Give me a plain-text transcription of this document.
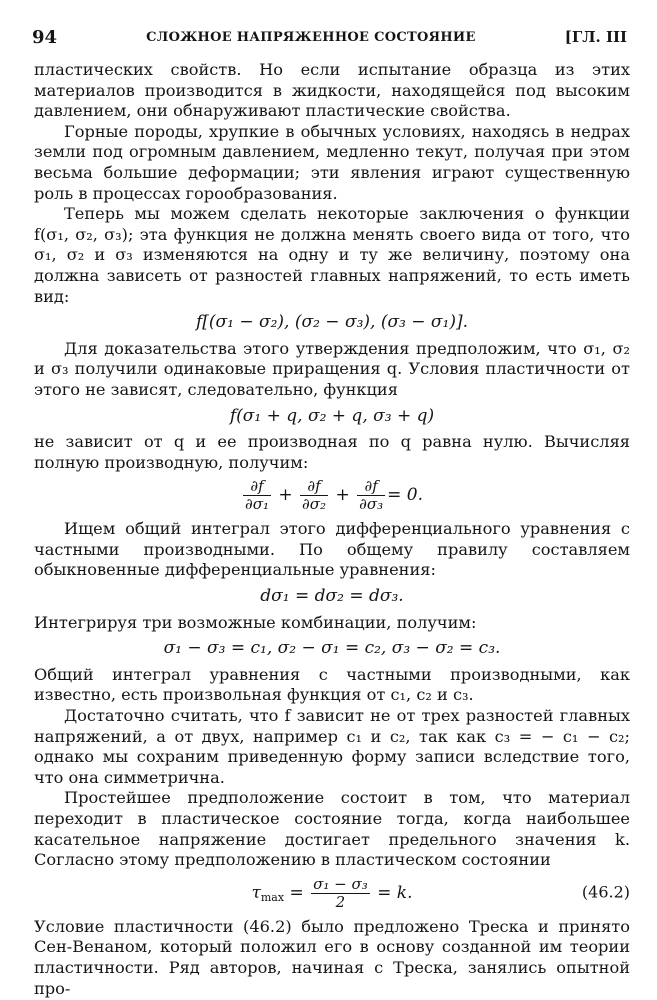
94	СЛОЖНОЕ НАПРЯЖЕННОЕ СОСТОЯНИЕ	[ГЛ. III

пластических свойств. Но если испытание образца из этих материалов производится в жидкости, находящейся под высоким давлением, они обнаруживают пластические свойства.

Горные породы, хрупкие в обычных условиях, находясь в недрах земли под огромным давлением, медленно текут, получая при этом весьма большие деформации; эти явления играют существенную роль в процессах горообразования.

Теперь мы можем сделать некоторые заключения о функции f(σ₁, σ₂, σ₃); эта функция не должна менять своего вида от того, что σ₁, σ₂ и σ₃ изменяются на одну и ту же величину, поэтому она должна зависеть от разностей главных напряжений, то есть иметь вид:

f[(σ₁ − σ₂), (σ₂ − σ₃), (σ₃ − σ₁)].

Для доказательства этого утверждения предположим, что σ₁, σ₂ и σ₃ получили одинаковые приращения q. Условия пластичности от этого не зависят, следовательно, функция

f(σ₁ + q, σ₂ + q, σ₃ + q)

не зависит от q и ее производная по q равна нулю. Вычисляя полную производную, получим:

$\frac{\partial f}{\text{∂σ₁}} + \frac{\partial f}{\text{∂σ₂}} + \frac{\partial f}{\text{∂σ₃}} = 0$.

Ищем общий интеграл этого дифференциального уравнения с частными производными. По общему правилу составляем обыкновенные дифференциальные уравнения:

dσ₁ = dσ₂ = dσ₃.

Интегрируя три возможные комбинации, получим:

σ₁ − σ₃ = c₁, σ₂ − σ₁ = c₂, σ₃ − σ₂ = c₃.

Общий интеграл уравнения с частными производными, как известно, есть произвольная функция от c₁, c₂ и c₃.

Достаточно считать, что f зависит не от трех разностей главных напряжений, а от двух, например c₁ и c₂, так как c₃ = − c₁ − c₂; однако мы сохраним приведенную форму записи вследствие того, что она симметрична.

Простейшее предположение состоит в том, что материал переходит в пластическое состояние тогда, когда наибольшее касательное напряжение достигает предельного значения k. Согласно этому предположению в пластическом состоянии

$\tau_{max} = \frac{\text{σ₁ − σ₃}}{2} = k$.	(46.2)

Условие пластичности (46.2) было предложено Треска и принято Сен-Венаном, который положил его в основу созданной им теории пластичности. Ряд авторов, начиная с Треска, занялись опытной про-
